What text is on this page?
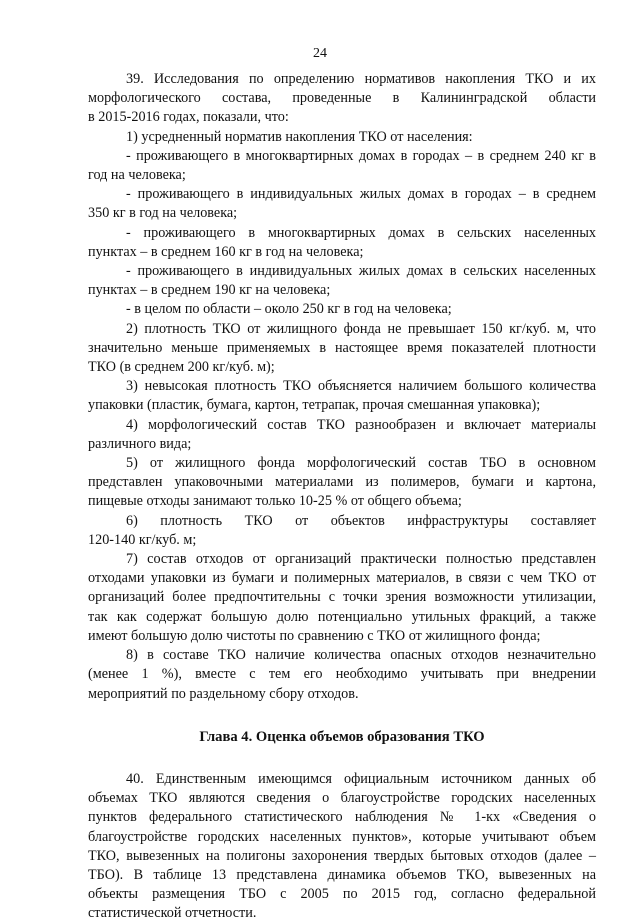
24
39. Исследования по определению нормативов накопления ТКО и их
морфологического состава, проведенные в Калининградской области
в 2015-2016 годах, показали, что:
1) усредненный норматив накопления ТКО от населения:
- проживающего в многоквартирных домах в городах – в среднем 240 кг в
год на человека;
- проживающего в индивидуальных жилых домах в городах – в среднем
350 кг в год на человека;
- проживающего в многоквартирных домах в сельских населенных
пунктах – в среднем 160 кг в год на человека;
- проживающего в индивидуальных жилых домах в сельских населенных
пунктах – в среднем 190 кг на человека;
- в целом по области – около 250 кг в год на человека;
2) плотность ТКО от жилищного фонда не превышает 150 кг/куб. м, что
значительно меньше применяемых в настоящее время показателей плотности
ТКО (в среднем 200 кг/куб. м);
3) невысокая плотность ТКО объясняется наличием большого количества
упаковки (пластик, бумага, картон, тетрапак, прочая смешанная упаковка);
4) морфологический состав ТКО разнообразен и включает материалы
различного вида;
5) от жилищного фонда морфологический состав ТБО в основном
представлен упаковочными материалами из полимеров, бумаги и картона,
пищевые отходы занимают только 10-25 % от общего объема;
6) плотность ТКО от объектов инфраструктуры составляет
120-140 кг/куб. м;
7) состав отходов от организаций практически полностью представлен
отходами упаковки из бумаги и полимерных материалов, в связи с чем ТКО от
организаций более предпочтительны с точки зрения возможности утилизации,
так как содержат большую долю потенциально утильных фракций, а также
имеют большую долю чистоты по сравнению с ТКО от жилищного фонда;
8) в составе ТКО наличие количества опасных отходов незначительно
(менее 1 %), вместе с тем его необходимо учитывать при внедрении
мероприятий по раздельному сбору отходов.
Глава 4. Оценка объемов образования ТКО
40. Единственным имеющимся официальным источником данных об
объемах ТКО являются сведения о благоустройстве городских населенных
пунктов федерального статистического наблюдения № 1-кх «Сведения о
благоустройстве городских населенных пунктов», которые учитывают объем
ТКО, вывезенных на полигоны захоронения твердых бытовых отходов (далее –
ТБО). В таблице 13 представлена динамика объемов ТКО, вывезенных на
объекты размещения ТБО с 2005 по 2015 год, согласно федеральной
статистической отчетности.
